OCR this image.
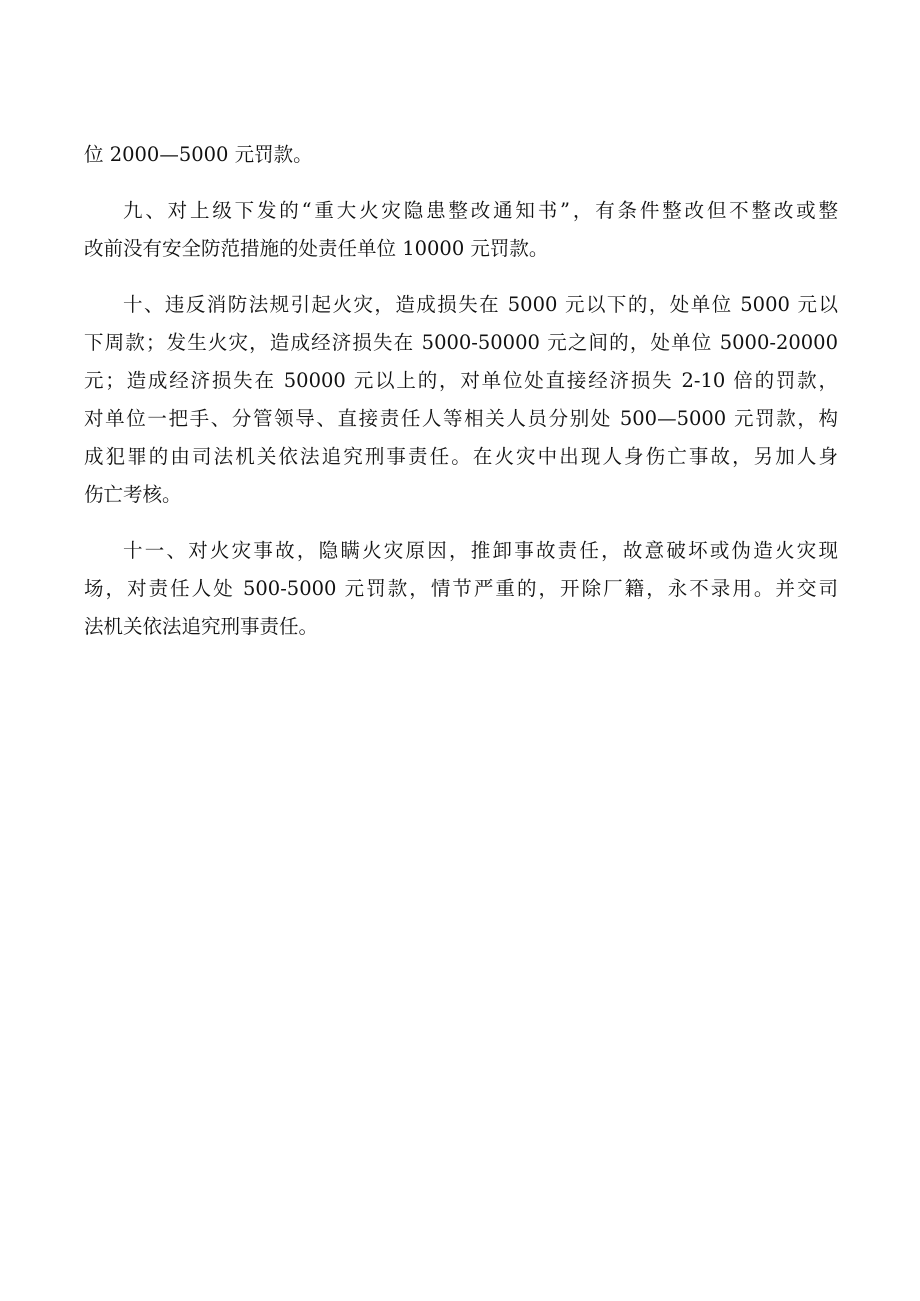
位 2000—5000 元罚款。
九、对上级下发的“重大火灾隐患整改通知书”，有条件整改但不整改或整
改前没有安全防范措施的处责任单位 10000 元罚款。
十、违反消防法规引起火灾，造成损失在 5000 元以下的，处单位 5000 元以
下周款；发生火灾，造成经济损失在 5000-50000 元之间的，处单位 5000-20000
元；造成经济损失在 50000 元以上的，对单位处直接经济损失 2-10 倍的罚款，
对单位一把手、分管领导、直接责任人等相关人员分别处 500—5000 元罚款，构
成犯罪的由司法机关依法追究刑事责任。在火灾中出现人身伤亡事故，另加人身
伤亡考核。
十一、对火灾事故，隐瞒火灾原因，推卸事故责任，故意破坏或伪造火灾现
场，对责任人处 500-5000 元罚款，情节严重的，开除厂籍，永不录用。并交司
法机关依法追究刑事责任。
